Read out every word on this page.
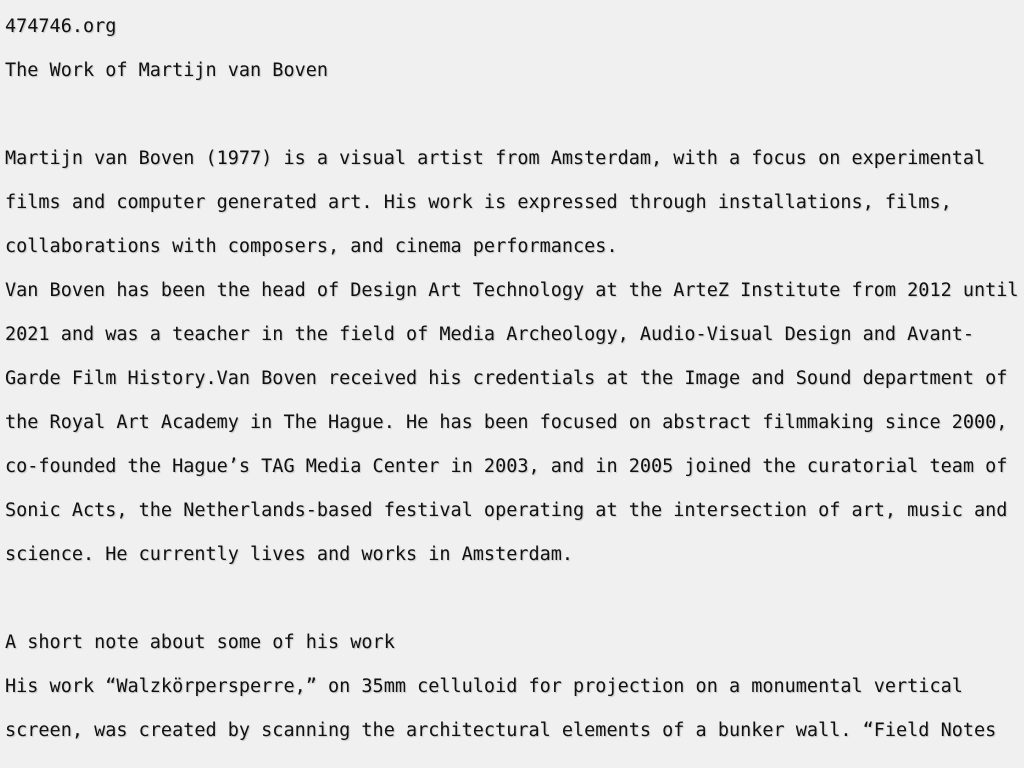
474746.org

The Work of Martijn van Boven

Martijn van Boven (1977) is a visual artist from Amsterdam, with a focus on experimental films and computer generated art. His work is expressed through installations, films, collaborations with composers, and cinema performances.

Van Boven has been the head of Design Art Technology at the ArteZ Institute from 2012 until 2021 and was a teacher in the field of Media Archeology, Audio-Visual Design and Avant-Garde Film History.Van Boven received his credentials at the Image and Sound department of the Royal Art Academy in The Hague. He has been focused on abstract filmmaking since 2000, co-founded the Hague’s TAG Media Center in 2003, and in 2005 joined the curatorial team of Sonic Acts, the Netherlands-based festival operating at the intersection of art, music and science. He currently lives and works in Amsterdam.

A short note about some of his work

His work “Walzkörpersperre,” on 35mm celluloid for projection on a monumental vertical screen, was created by scanning the architectural elements of a bunker wall. “Field Notes
